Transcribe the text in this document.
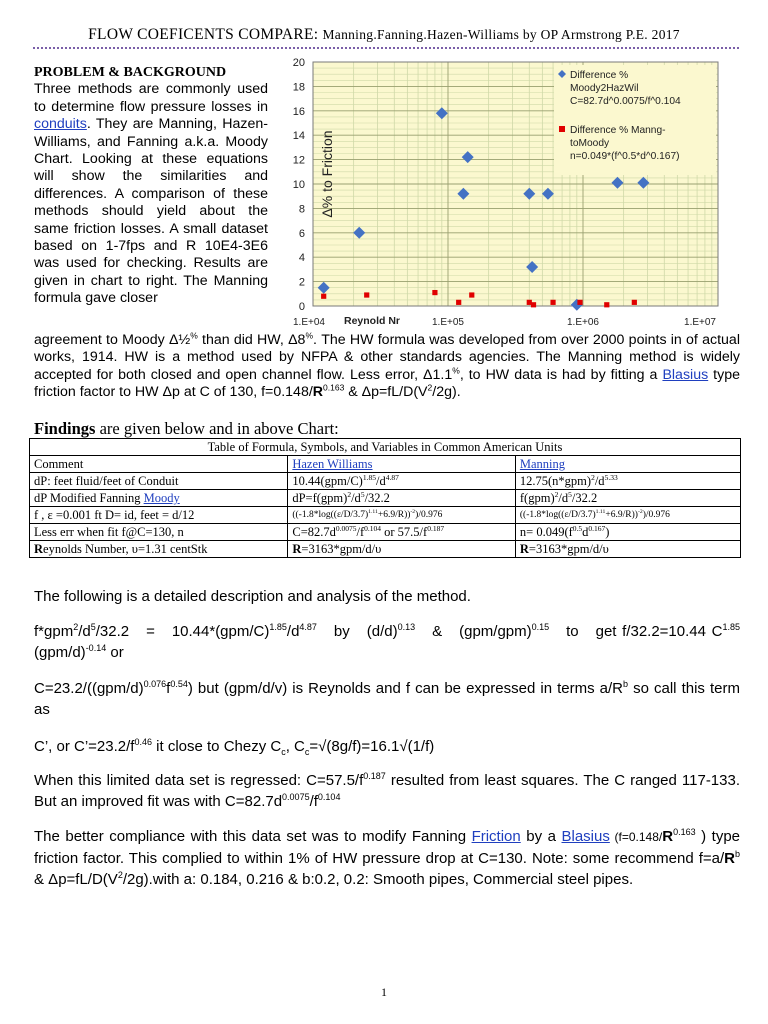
FLOW COEFICENTS COMPARE: Manning.Fanning.Hazen-Williams by OP Armstrong P.E. 2017

PROBLEM & BACKGROUND
Three methods are commonly used to determine flow pressure losses in conduits. They are Manning, Hazen-Williams, and Fanning a.k.a. Moody Chart. Looking at these equations will show the similarities and differences. A comparison of these methods should yield about the same friction losses. A small dataset based on 1-7fps and R 10E4-3E6 was used for checking. Results are given in chart to right. The Manning formula gave closer

0
2
4
6
8
10
12
14
16
18
20
1.E+04	1.E+05	1.E+06	1.E+07
Reynold Nr
Δ% to Friction
Difference %
Moody2HazWil
C=82.7d^0.0075/f^0.104
Difference % Manng-
toMoody
n=0.049*(f^0.5*d^0.167)
agreement to Moody Δ½% than did HW, Δ8%. The HW formula was developed from over 2000 points in of actual works, 1914. HW is a method used by NFPA & other standards agencies. The Manning method is widely accepted for both closed and open channel flow. Less error, Δ1.1%, to HW data is had by fitting a Blasius type friction factor to HW Δp at C of 130, $f=0.148/R^{0.163}$ & $\Delta p=fL/D(V^2/2g)$.
Findings are given below and in above Chart:
Table of Formula, Symbols, and Variables in Common American Units		
Comment	Hazen Williams	Manning
dP: feet fluid/feet of Conduit	$10.44(gpm/C)^{1.85}/d^{4.87}$	$12.75(n*gpm)^2/d^{5.33}$
dP Modified Fanning Moody	$dP=f(gpm)^2/d^5/32.2$	$f(gpm)^2/d^5/32.2$
f , ε =0.001 ft D= id, feet = d/12	$((-1.8*\log((\varepsilon/D/3.7)^{1.11}+6.9/R))^{-2})/0.976$	$((-1.8*\log((\varepsilon/D/3.7)^{1.11}+6.9/R))^{-2})/0.976$
Less err when fit f@C=130, n	$C=82.7d^{0.0075}/f^{0.104}$ or $57.5/f^{0.187}$	$n= 0.049(f^{0.5}d^{0.167})$
Reynolds Number, υ=1.31 centStk	R=3163*gpm/d/υ	R=3163*gpm/d/υ
The following is a detailed description and analysis of the method.
$f*gpm^2/d^5/32.2 = 10.44*(gpm/C)^{1.85}/d^{4.87}$   by   $(d/d)^{0.13}$   &   $(gpm/gpm)^{0.15}$   to   get f/32.2=10.44 $C^{1.85}$ $(gpm/d)^{-0.14}$ or
$C=23.2/((gpm/d)^{0.076}f^{0.54})$ but (gpm/d/v) is Reynolds and f can be expressed in terms $a/R^b$ so call this term as
C’, or $C’=23.2/f^{0.46}$ it close to Chezy $C_c$, $C_c=√(8g/f)=16.1√(1/f)$
When this limited data set is regressed: $C=57.5/f^{0.187}$ resulted from least squares. The C ranged 117-133. But an improved fit was with $C=82.7d^{0.0075}/f^{0.104}$
The better compliance with this data set was to modify Fanning Friction by a Blasius ($f=0.148/R^{0.163}$ ) type friction factor. This complied to within 1% of HW pressure drop at C=130. Note: some recommend $f=a/R^b$ & $\Delta p=fL/D(V^2/2g).with$ a: 0.184, 0.216 & b:0.2, 0.2: Smooth pipes, Commercial steel pipes.
1
